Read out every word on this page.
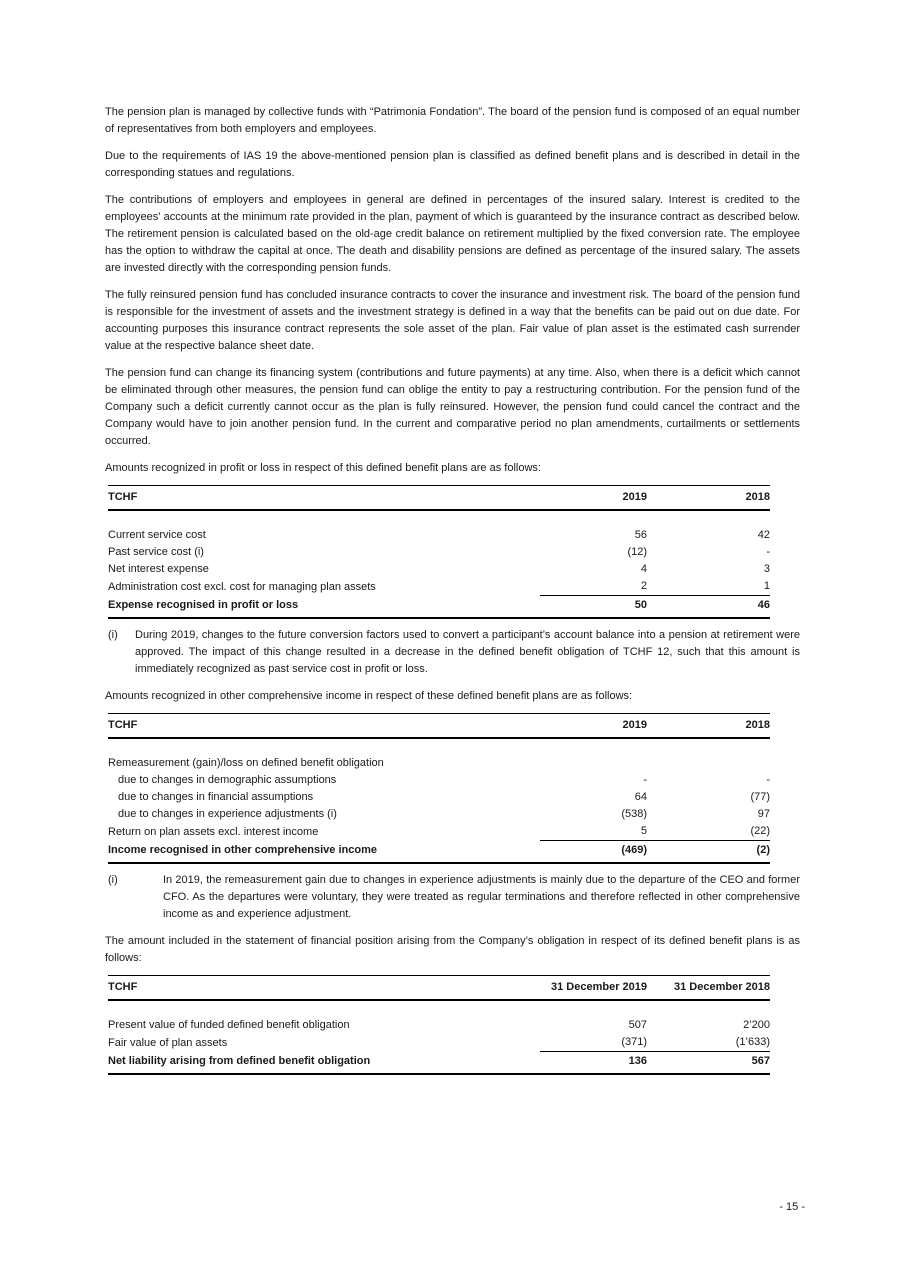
The pension plan is managed by collective funds with “Patrimonia Fondation”. The board of the pension fund is composed of an equal number of representatives from both employers and employees.

Due to the requirements of IAS 19 the above-mentioned pension plan is classified as defined benefit plans and is described in detail in the corresponding statues and regulations.

The contributions of employers and employees in general are defined in percentages of the insured salary. Interest is credited to the employees’ accounts at the minimum rate provided in the plan, payment of which is guaranteed by the insurance contract as described below. The retirement pension is calculated based on the old-age credit balance on retirement multiplied by the fixed conversion rate. The employee has the option to withdraw the capital at once. The death and disability pensions are defined as percentage of the insured salary. The assets are invested directly with the corresponding pension funds.

The fully reinsured pension fund has concluded insurance contracts to cover the insurance and investment risk. The board of the pension fund is responsible for the investment of assets and the investment strategy is defined in a way that the benefits can be paid out on due date. For accounting purposes this insurance contract represents the sole asset of the plan. Fair value of plan asset is the estimated cash surrender value at the respective balance sheet date.

The pension fund can change its financing system (contributions and future payments) at any time. Also, when there is a deficit which cannot be eliminated through other measures, the pension fund can oblige the entity to pay a restructuring contribution. For the pension fund of the Company such a deficit currently cannot occur as the plan is fully reinsured. However, the pension fund could cancel the contract and the Company would have to join another pension fund. In the current and comparative period no plan amendments, curtailments or settlements occurred.

Amounts recognized in profit or loss in respect of this defined benefit plans are as follows:

TCHF	2019	2018

Current service cost	56	42
Past service cost (i)	(12)	-
Net interest expense	4	3
Administration cost excl. cost for managing plan assets	2	1
Expense recognised in profit or loss	50	46
(i)	During 2019, changes to the future conversion factors used to convert a participant’s account balance into a pension at retirement were approved. The impact of this change resulted in a decrease in the defined benefit obligation of TCHF 12, such that this amount is immediately recognized as past service cost in profit or loss.

Amounts recognized in other comprehensive income in respect of these defined benefit plans are as follows:

TCHF	2019	2018

Remeasurement (gain)/loss on defined benefit obligation		
due to changes in demographic assumptions	-	-
due to changes in financial assumptions	64	(77)
due to changes in experience adjustments (i)	(538)	97
Return on plan assets excl. interest income	5	(22)
Income recognised in other comprehensive income	(469)	(2)
(i)	In 2019, the remeasurement gain due to changes in experience adjustments is mainly due to the departure of the CEO and former CFO. As the departures were voluntary, they were treated as regular terminations and therefore reflected in other comprehensive income as and experience adjustment.

The amount included in the statement of financial position arising from the Company’s obligation in respect of its defined benefit plans is as follows:

TCHF	31 December 2019	31 December 2018

Present value of funded defined benefit obligation	507	2’200
Fair value of plan assets	(371)	(1’633)
Net liability arising from defined benefit obligation	136	567
- 15 -
